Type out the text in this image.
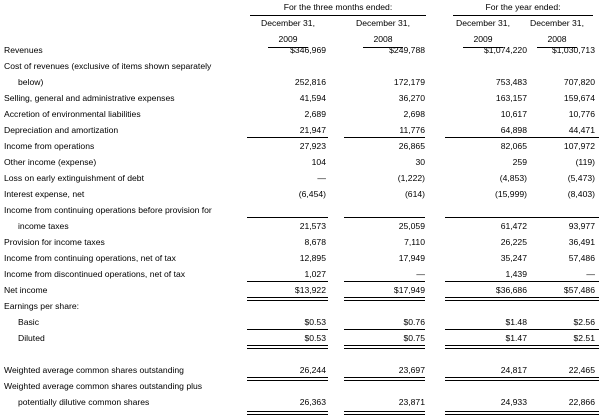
For the three months ended:	For the year ended:
December 31,	December 31,	December 31,	December 31,
2009	2008	2009	2008
Revenues	$346,969	$249,788	$1,074,220	$1,030,713
Cost of revenues (exclusive of items shown separately
below)	252,816	172,179	753,483	707,820
Selling, general and administrative expenses	41,594	36,270	163,157	159,674
Accretion of environmental liabilities	2,689	2,698	10,617	10,776
Depreciation and amortization	21,947	11,776	64,898	44,471
Income from operations	27,923	26,865	82,065	107,972
Other income (expense)	104	30	259	(119)
Loss on early extinguishment of debt	—	(1,222)	(4,853)	(5,473)
Interest expense, net	(6,454)	(614)	(15,999)	(8,403)
Income from continuing operations before provision for
income taxes	21,573	25,059	61,472	93,977
Provision for income taxes	8,678	7,110	26,225	36,491
Income from continuing operations, net of tax	12,895	17,949	35,247	57,486
Income from discontinued operations, net of tax	1,027	—	1,439	—
Net income	$13,922	$17,949	$36,686	$57,486
Earnings per share:
Basic	$0.53	$0.76	$1.48	$2.56
Diluted	$0.53	$0.75	$1.47	$2.51
Weighted average common shares outstanding	26,244	23,697	24,817	22,465
Weighted average common shares outstanding plus
potentially dilutive common shares	26,363	23,871	24,933	22,866
